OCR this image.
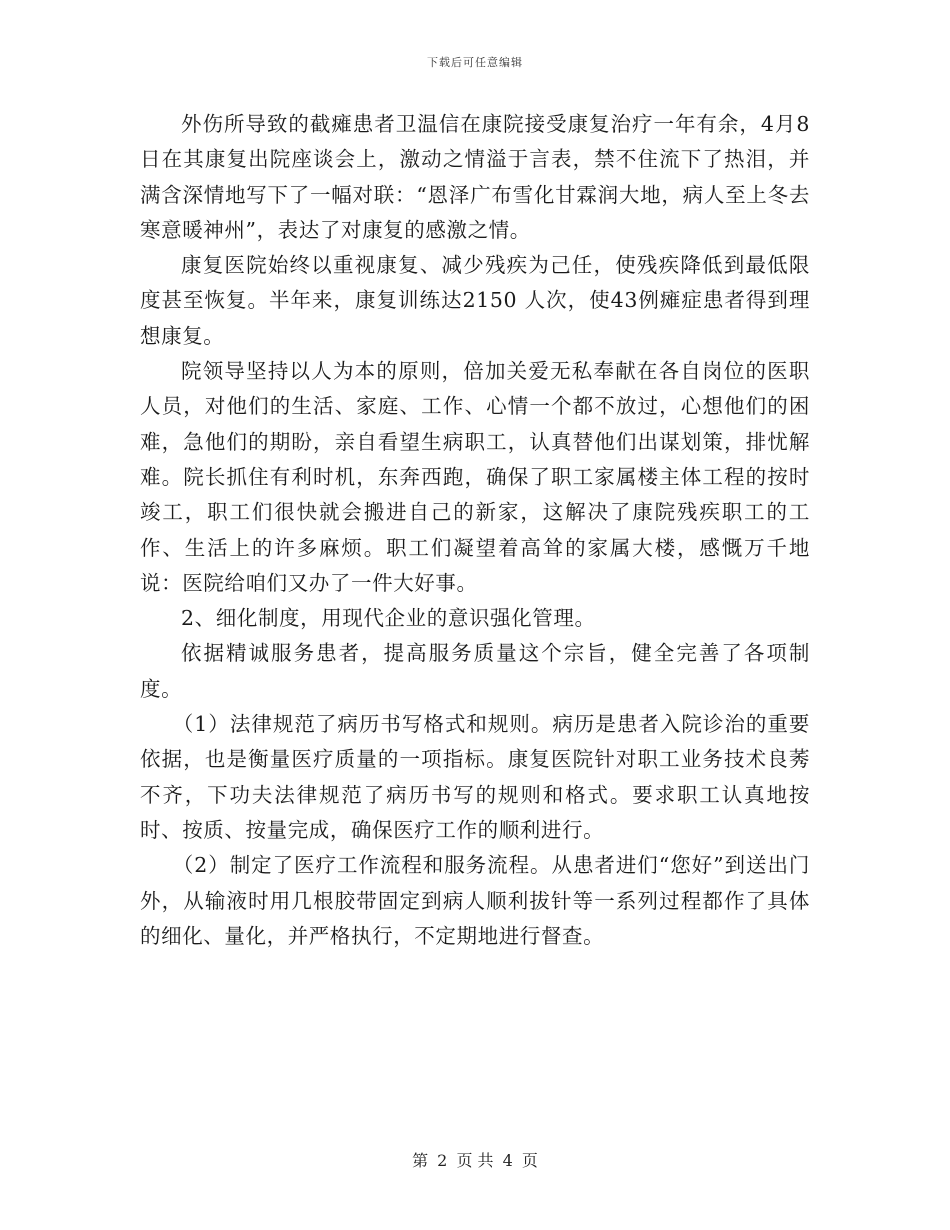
下载后可任意编辑

外伤所导致的截瘫患者卫温信在康院接受康复治疗一年有余，4月8日在其康复出院座谈会上，激动之情溢于言表，禁不住流下了热泪，并满含深情地写下了一幅对联：“恩泽广布雪化甘霖润大地，病人至上冬去寒意暖神州”，表达了对康复的感激之情。

康复医院始终以重视康复、减少残疾为己任，使残疾降低到最低限度甚至恢复。半年来，康复训练达2150 人次，使43例瘫症患者得到理想康复。

院领导坚持以人为本的原则，倍加关爱无私奉献在各自岗位的医职人员，对他们的生活、家庭、工作、心情一个都不放过，心想他们的困难，急他们的期盼，亲自看望生病职工，认真替他们出谋划策，排忧解难。院长抓住有利时机，东奔西跑，确保了职工家属楼主体工程的按时竣工，职工们很快就会搬进自己的新家，这解决了康院残疾职工的工作、生活上的许多麻烦。职工们凝望着高耸的家属大楼，感慨万千地说：医院给咱们又办了一件大好事。

2、细化制度，用现代企业的意识强化管理。

依据精诚服务患者，提高服务质量这个宗旨，健全完善了各项制度。

（1）法律规范了病历书写格式和规则。病历是患者入院诊治的重要依据，也是衡量医疗质量的一项指标。康复医院针对职工业务技术良莠不齐，下功夫法律规范了病历书写的规则和格式。要求职工认真地按时、按质、按量完成，确保医疗工作的顺利进行。

（2）制定了医疗工作流程和服务流程。从患者进们“您好”到送出门外，从输液时用几根胶带固定到病人顺利拔针等一系列过程都作了具体的细化、量化，并严格执行，不定期地进行督查。

第 2 页 共 4 页
